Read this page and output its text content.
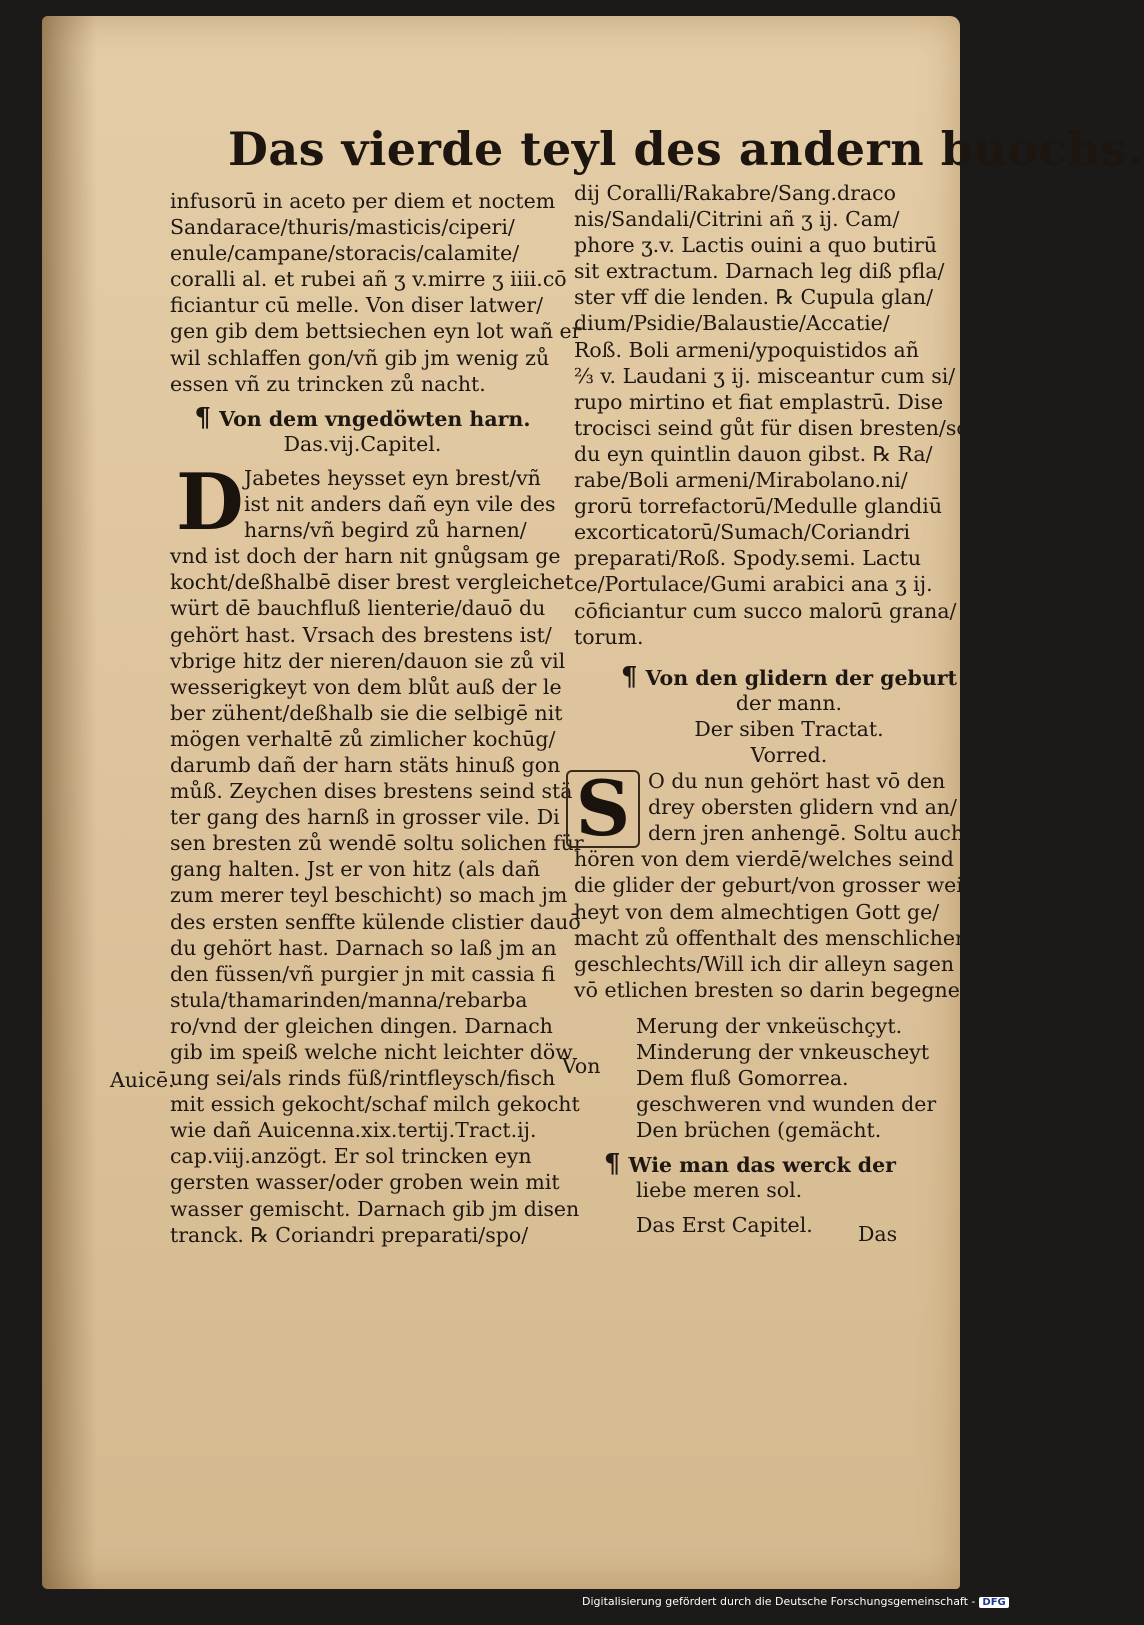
Das vierde teyl des andern buochs.
infusorū in aceto per diem et noctem
Sandarace/thuris/masticis/ciperi/
enule/campane/storacis/calamite/
coralli al. et rubei añ ʒ v.mirre ʒ iiii.cō
ficiantur cū melle. Von diser latwer/
gen gib dem bettsiechen eyn lot wañ er
wil schlaffen gon/vñ gib jm wenig zů
essen vñ zu trincken zů nacht.
¶ Von dem vngedöwten harn.
Das.vij.Capitel.
D Jabetes heysset eyn brest/vñ
ist nit anders dañ eyn vile des
harns/vñ begird zů harnen/
vnd ist doch der harn nit gnůgsam ge
kocht/deßhalbē diser brest vergleichet
würt dē bauchfluß lienterie/dauō du
gehört hast. Vrsach des brestens ist/
vbrige hitz der nieren/dauon sie zů vil
wesserigkeyt von dem blůt auß der le
ber zühent/deßhalb sie die selbigē nit
mögen verhaltē zů zimlicher kochūg/
darumb dañ der harn stäts hinuß gon
můß. Zeychen dises brestens seind stä
ter gang des harnß in grosser vile. Di
sen bresten zů wendē soltu solichen für
gang halten. Jst er von hitz (als dañ
zum merer teyl beschicht) so mach jm
des ersten senffte külende clistier dauō
du gehört hast. Darnach so laß jm an
den füssen/vñ purgier jn mit cassia fi
stula/thamarinden/manna/rebarba
ro/vnd der gleichen dingen. Darnach
gib im speiß welche nicht leichter döw
ung sei/als rinds füß/rintfleysch/fisch
mit essich gekocht/schaf milch gekocht
wie dañ Auicenna.xix.tertij.Tract.ij.
cap.viij.anzögt. Er sol trincken eyn
gersten wasser/oder groben wein mit
wasser gemischt. Darnach gib jm disen
tranck. ℞ Coriandri preparati/spo/
Auicē.
dij Coralli/Rakabre/Sang.draco
nis/Sandali/Citrini añ ʒ ij. Cam/
phore ʒ.v. Lactis ouini a quo butirū
sit extractum. Darnach leg diß pfla/
ster vff die lenden. ℞ Cupula glan/
dium/Psidie/Balaustie/Accatie/
Roß. Boli armeni/ypoquistidos añ
⅔ v. Laudani ʒ ij. misceantur cum si/
rupo mirtino et fiat emplastrū. Dise
trocisci seind gůt für disen bresten/so
du eyn quintlin dauon gibst. ℞ Ra/
rabe/Boli armeni/Mirabolano.ni/
grorū torrefactorū/Medulle glandiū
excorticatorū/Sumach/Coriandri
preparati/Roß. Spody.semi. Lactu
ce/Portulace/Gumi arabici ana ʒ ij.
cōficiantur cum succo malorū grana/
torum.
¶ Von den glidern der geburt
der mann.
Der siben Tractat.
Vorred.
S O du nun gehört hast vō den
drey obersten glidern vnd an/
dern jren anhengē. Soltu auch
hören von dem vierdē/welches seind
die glider der geburt/von grosser weiß
heyt von dem almechtigen Gott ge/
macht zů offenthalt des menschlichen
geschlechts/Will ich dir alleyn sagen
vō etlichen bresten so darin begegnet.
Von
Merung der vnkeüschçyt.
Minderung der vnkeuscheyt
Dem fluß Gomorrea.
geschweren vnd wunden der
Den brüchen (gemächt.
¶ Wie man das werck der
liebe meren sol.
Das Erst Capitel.	Das
Digitalisierung gefördert durch die Deutsche Forschungsgemeinschaft - DFG
